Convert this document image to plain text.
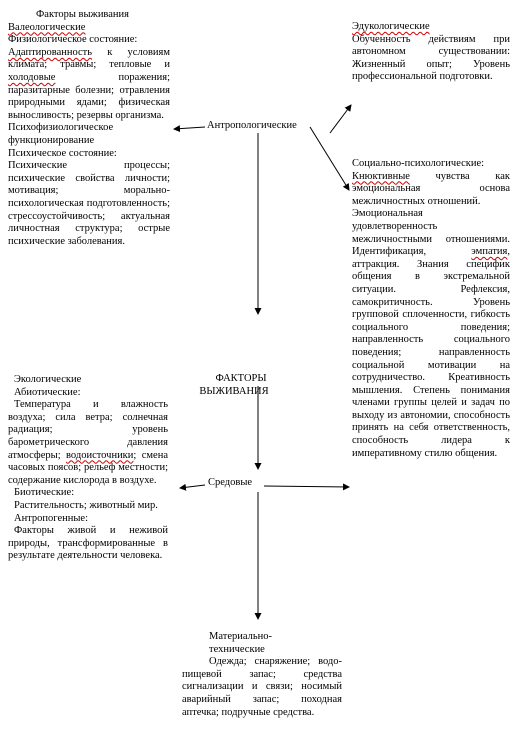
Факторы выживания
Валеологические
Физиологическое состояние:
Адаптированность к условиям климата; травмы; тепловые и холодовые поражения; паразитарные болезни; отравления природными ядами; физическая выносливость; резервы организма.
Психофизиологическое функционирование
Психическое состояние:
Психические процессы; психические свойства личности; мотивация; морально-психологическая подготовленность; стрессоустойчивость; актуальная личностная структура; острые психические заболевания.
Эдукологические
Обученность действиям при автономном существовании: Жизненный опыт; Уровень профессиональной подготовки.
Социально-психологические:
Кнюктивные чувства как эмоциональная основа межличностных отношений.
Эмоциональная удовлетворенность межличностными отношениями. Идентификация, эмпатия, аттракция. Знания специфик общения в экстремальной ситуации. Рефлексия, самокритичность. Уровень групповой сплоченности, гибкость социального поведения; направленность социального поведения; направленность социальной мотивации на сотрудничество. Креативность мышления. Степень понимания членами группы целей и задач по выходу из автономии, способность принять на себя ответственность, способность лидера к императивному стилю общения.
Экологические
Абиотические:
Температура и влажность воздуха; сила ветра; солнечная радиация; уровень барометрического давления атмосферы; водоисточники; смена часовых поясов; рельеф местности; содержание кислорода в воздухе.
Биотические:
Растительность; животный мир.
Антропогенные:
Факторы живой и неживой природы, трансформированные в результате деятельности человека.
Материально-технические
Одежда; снаряжение; водо-пищевой запас; средства сигнализации и связи; носимый аварийный запас; походная аптечка; подручные средства.
ФАКТОРЫ
ВЫЖИВАНИЯ
Антропологические
Средовые
